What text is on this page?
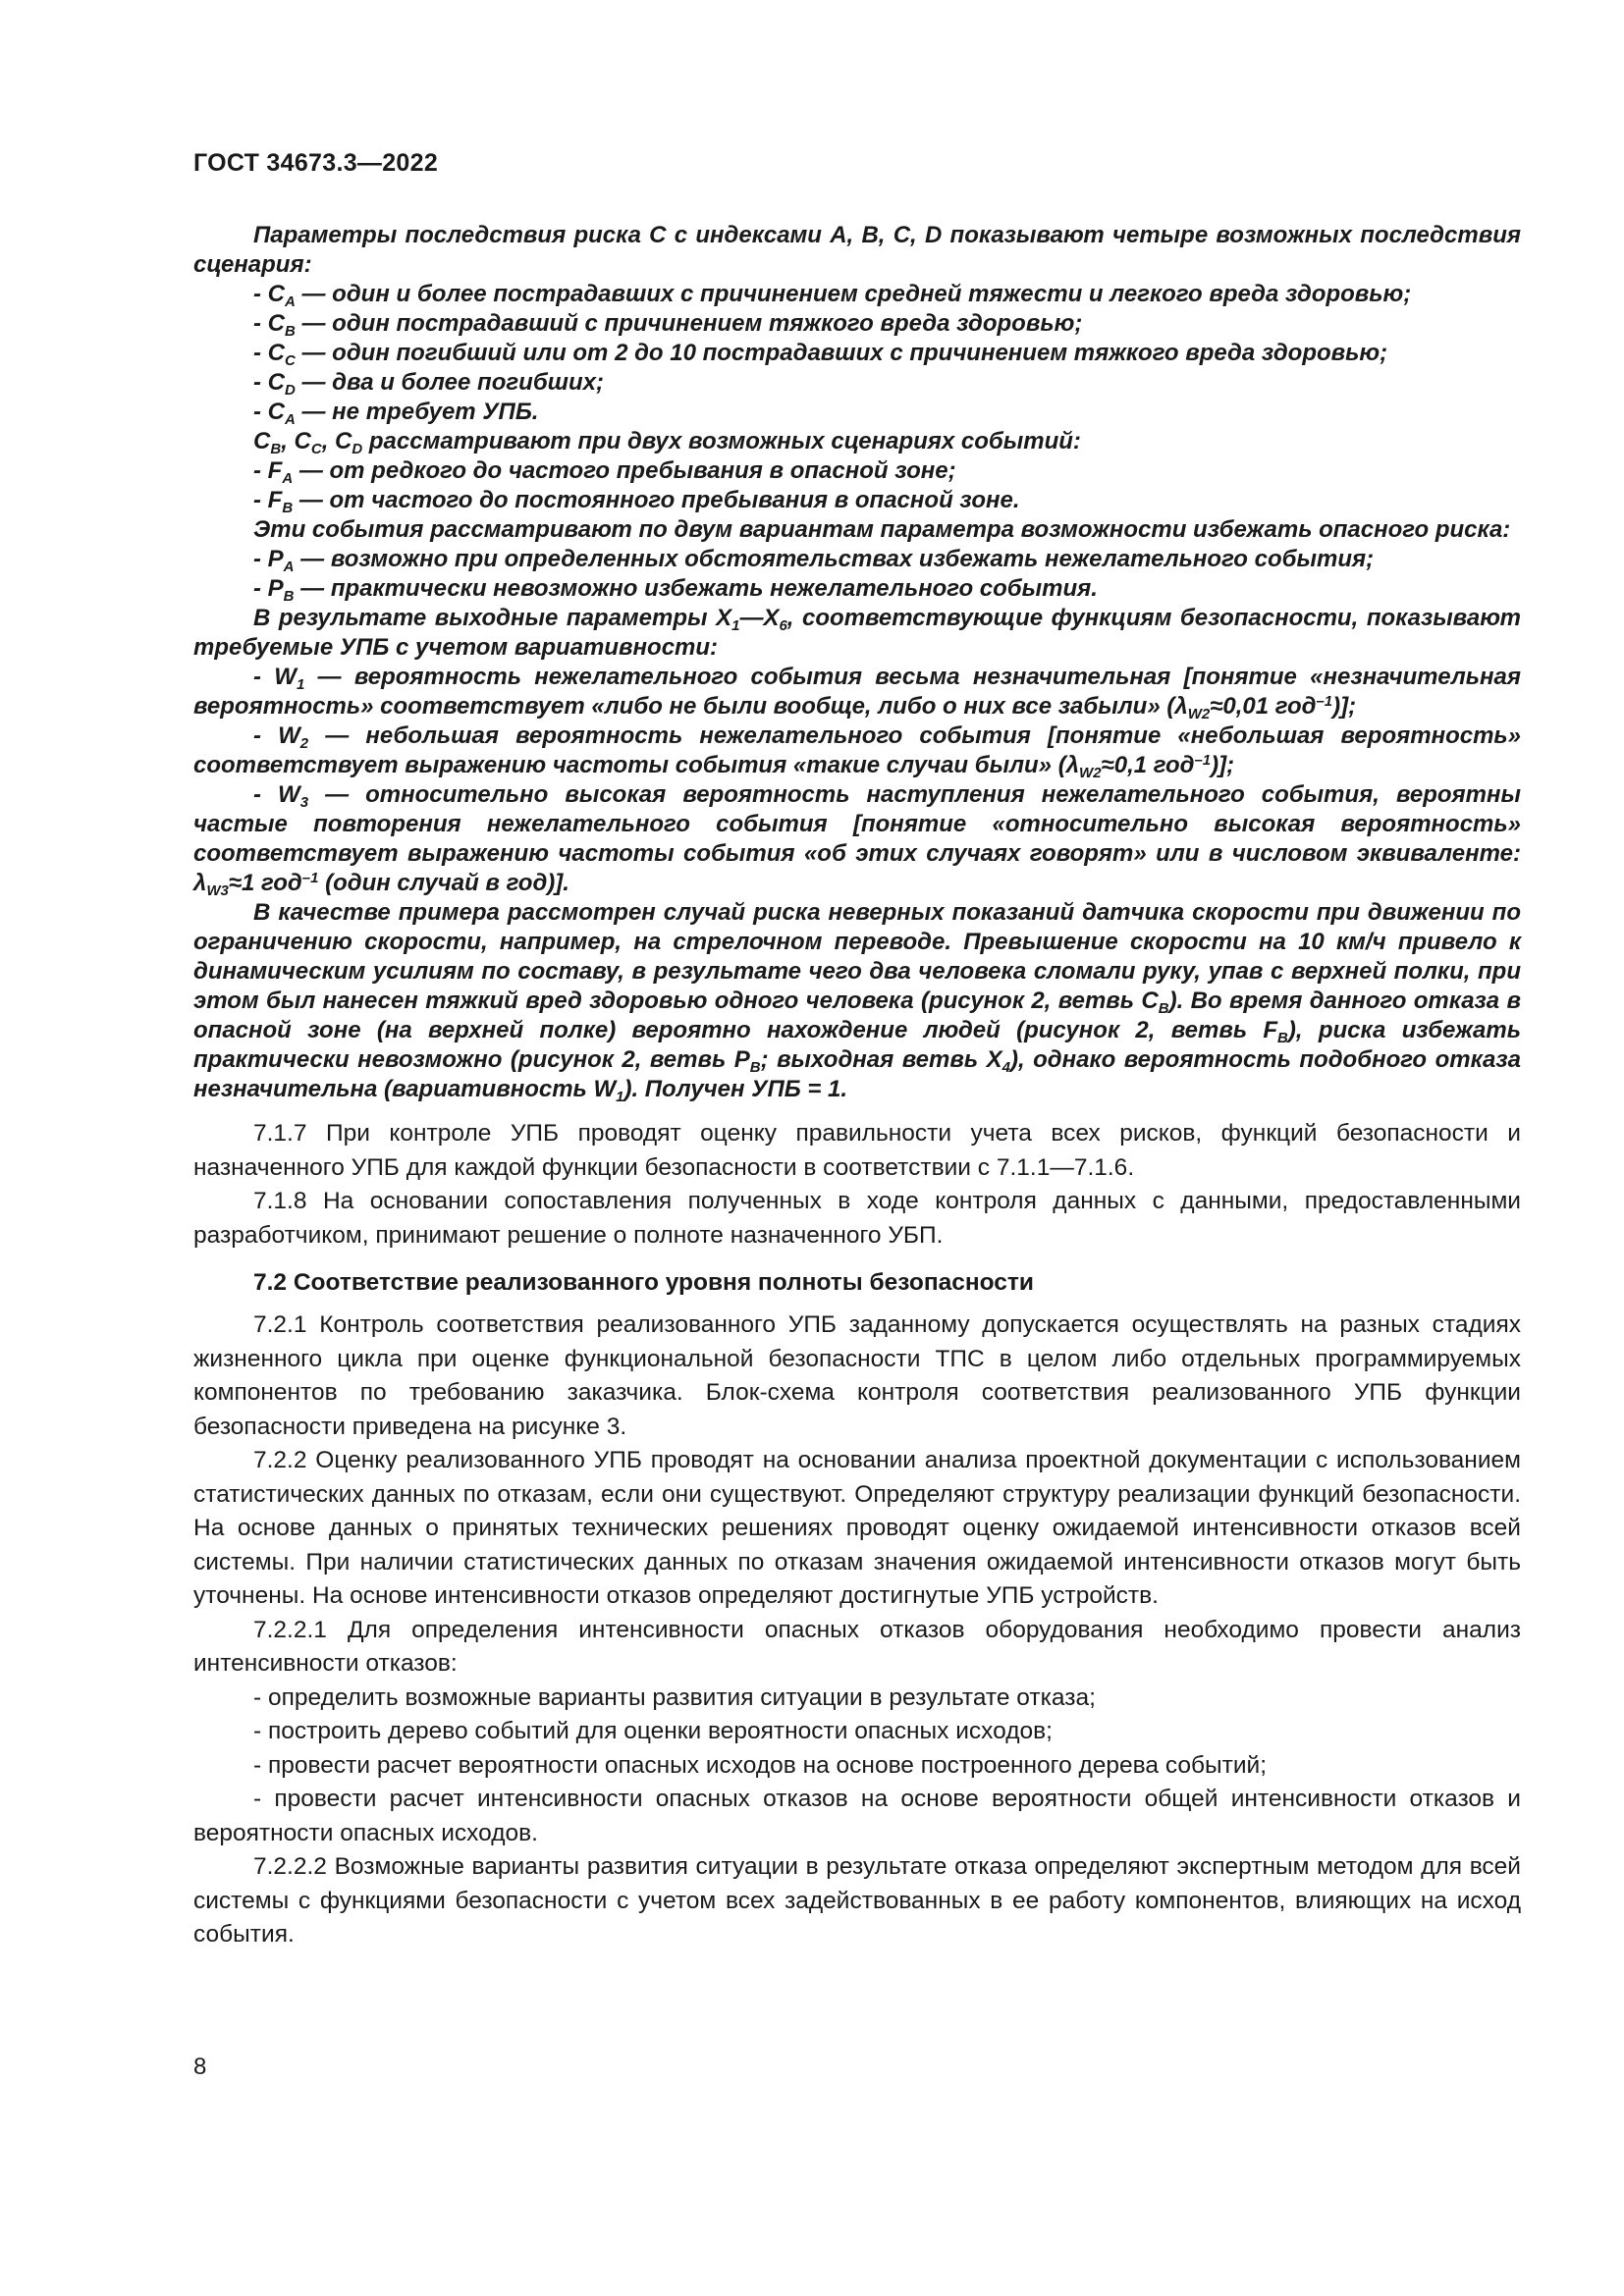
ГОСТ 34673.3—2022

Параметры последствия риска C с индексами A, B, C, D показывают четыре возможных последствия сценария:

- $C_A$ — один и более пострадавших с причинением средней тяжести и легкого вреда здоровью;

- $C_B$ — один пострадавший с причинением тяжкого вреда здоровью;

- $C_C$ — один погибший или от 2 до 10 пострадавших с причинением тяжкого вреда здоровью;

- $C_D$ — два и более погибших;

- $C_A$ — не требует УПБ.

$C_B$, $C_C$, $C_D$ рассматривают при двух возможных сценариях событий:

- $F_A$ — от редкого до частого пребывания в опасной зоне;

- $F_B$ — от частого до постоянного пребывания в опасной зоне.

Эти события рассматривают по двум вариантам параметра возможности избежать опасного риска:

- $P_A$ — возможно при определенных обстоятельствах избежать нежелательного события;

- $P_B$ — практически невозможно избежать нежелательного события.

В результате выходные параметры $X_1—X_6$, соответствующие функциям безопасности, показывают требуемые УПБ с учетом вариативности:

- $W_1$ — вероятность нежелательного события весьма незначительная [понятие «незначительная вероятность» соответствует «либо не были вообще, либо о них все забыли» ($\lambda_{W2}\approx 0,01$ год$^{-1}$)];

- $W_2$ — небольшая вероятность нежелательного события [понятие «небольшая вероятность» соответствует выражению частоты события «такие случаи были» ($\lambda_{W2}\approx 0,1$ год$^{-1}$)];

- $W_3$ — относительно высокая вероятность наступления нежелательного события, вероятны частые повторения нежелательного события [понятие «относительно высокая вероятность» соответствует выражению частоты события «об этих случаях говорят» или в числовом эквиваленте: $\lambda_{W3}\approx 1$ год$^{-1}$ (один случай в год)].

В качестве примера рассмотрен случай риска неверных показаний датчика скорости при движении по ограничению скорости, например, на стрелочном переводе. Превышение скорости на 10 км/ч привело к динамическим усилиям по составу, в результате чего два человека сломали руку, упав с верхней полки, при этом был нанесен тяжкий вред здоровью одного человека (рисунок 2, ветвь $C_B$). Во время данного отказа в опасной зоне (на верхней полке) вероятно нахождение людей (рисунок 2, ветвь $F_B$), риска избежать практически невозможно (рисунок 2, ветвь $P_B$; выходная ветвь $X_4$), однако вероятность подобного отказа незначительна (вариативность $W_1$). Получен УПБ = 1.

7.1.7 При контроле УПБ проводят оценку правильности учета всех рисков, функций безопасности и назначенного УПБ для каждой функции безопасности в соответствии с 7.1.1—7.1.6.

7.1.8 На основании сопоставления полученных в ходе контроля данных с данными, предоставленными разработчиком, принимают решение о полноте назначенного УБП.

7.2 Соответствие реализованного уровня полноты безопасности

7.2.1 Контроль соответствия реализованного УПБ заданному допускается осуществлять на разных стадиях жизненного цикла при оценке функциональной безопасности ТПС в целом либо отдельных программируемых компонентов по требованию заказчика. Блок-схема контроля соответствия реализованного УПБ функции безопасности приведена на рисунке 3.

7.2.2 Оценку реализованного УПБ проводят на основании анализа проектной документации с использованием статистических данных по отказам, если они существуют. Определяют структуру реализации функций безопасности. На основе данных о принятых технических решениях проводят оценку ожидаемой интенсивности отказов всей системы. При наличии статистических данных по отказам значения ожидаемой интенсивности отказов могут быть уточнены. На основе интенсивности отказов определяют достигнутые УПБ устройств.

7.2.2.1 Для определения интенсивности опасных отказов оборудования необходимо провести анализ интенсивности отказов:

- определить возможные варианты развития ситуации в результате отказа;

- построить дерево событий для оценки вероятности опасных исходов;

- провести расчет вероятности опасных исходов на основе построенного дерева событий;

- провести расчет интенсивности опасных отказов на основе вероятности общей интенсивности отказов и вероятности опасных исходов.

7.2.2.2 Возможные варианты развития ситуации в результате отказа определяют экспертным методом для всей системы с функциями безопасности с учетом всех задействованных в ее работу компонентов, влияющих на исход события.

8
